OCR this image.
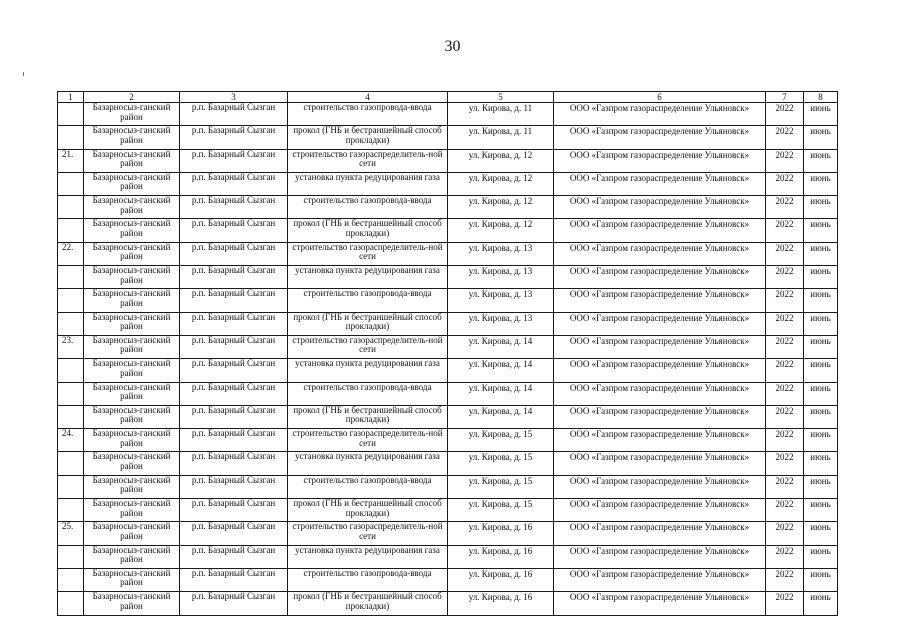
30
1	2	3	4	5	6	7	8
	Базарносыз-ганский район	р.п. Базарный Сызган	строительство газопровода-ввода	ул. Кирова, д. 11	ООО «Газпром газораспределение Ульяновск»	2022	июнь
	Базарносыз-ганский район	р.п. Базарный Сызган	прокол (ГНБ и бестраншейный способ прокладки)	ул. Кирова, д. 11	ООО «Газпром газораспределение Ульяновск»	2022	июнь
21.	Базарносыз-ганский район	р.п. Базарный Сызган	строительство газораспределитель-ной сети	ул. Кирова, д. 12	ООО «Газпром газораспределение Ульяновск»	2022	июнь
	Базарносыз-ганский район	р.п. Базарный Сызган	установка пункта редуцирования газа	ул. Кирова, д. 12	ООО «Газпром газораспределение Ульяновск»	2022	июнь
	Базарносыз-ганский район	р.п. Базарный Сызган	строительство газопровода-ввода	ул. Кирова, д. 12	ООО «Газпром газораспределение Ульяновск»	2022	июнь
	Базарносыз-ганский район	р.п. Базарный Сызган	прокол (ГНБ и бестраншейный способ прокладки)	ул. Кирова, д. 12	ООО «Газпром газораспределение Ульяновск»	2022	июнь
22.	Базарносыз-ганский район	р.п. Базарный Сызган	строительство газораспределитель-ной сети	ул. Кирова, д. 13	ООО «Газпром газораспределение Ульяновск»	2022	июнь
	Базарносыз-ганский район	р.п. Базарный Сызган	установка пункта редуцирования газа	ул. Кирова, д. 13	ООО «Газпром газораспределение Ульяновск»	2022	июнь
	Базарносыз-ганский район	р.п. Базарный Сызган	строительство газопровода-ввода	ул. Кирова, д. 13	ООО «Газпром газораспределение Ульяновск»	2022	июнь
	Базарносыз-ганский район	р.п. Базарный Сызган	прокол (ГНБ и бестраншейный способ прокладки)	ул. Кирова, д. 13	ООО «Газпром газораспределение Ульяновск»	2022	июнь
23.	Базарносыз-ганский район	р.п. Базарный Сызган	строительство газораспределитель-ной сети	ул. Кирова, д. 14	ООО «Газпром газораспределение Ульяновск»	2022	июнь
	Базарносыз-ганский район	р.п. Базарный Сызган	установка пункта редуцирования газа	ул. Кирова, д. 14	ООО «Газпром газораспределение Ульяновск»	2022	июнь
	Базарносыз-ганский район	р.п. Базарный Сызган	строительство газопровода-ввода	ул. Кирова, д. 14	ООО «Газпром газораспределение Ульяновск»	2022	июнь
	Базарносыз-ганский район	р.п. Базарный Сызган	прокол (ГНБ и бестраншейный способ прокладки)	ул. Кирова, д. 14	ООО «Газпром газораспределение Ульяновск»	2022	июнь
24.	Базарносыз-ганский район	р.п. Базарный Сызган	строительство газораспределитель-ной сети	ул. Кирова, д. 15	ООО «Газпром газораспределение Ульяновск»	2022	июнь
	Базарносыз-ганский район	р.п. Базарный Сызган	установка пункта редуцирования газа	ул. Кирова, д. 15	ООО «Газпром газораспределение Ульяновск»	2022	июнь
	Базарносыз-ганский район	р.п. Базарный Сызган	строительство газопровода-ввода	ул. Кирова, д. 15	ООО «Газпром газораспределение Ульяновск»	2022	июнь
	Базарносыз-ганский район	р.п. Базарный Сызган	прокол (ГНБ и бестраншейный способ прокладки)	ул. Кирова, д. 15	ООО «Газпром газораспределение Ульяновск»	2022	июнь
25.	Базарносыз-ганский район	р.п. Базарный Сызган	строительство газораспределитель-ной сети	ул. Кирова, д. 16	ООО «Газпром газораспределение Ульяновск»	2022	июнь
	Базарносыз-ганский район	р.п. Базарный Сызган	установка пункта редуцирования газа	ул. Кирова, д. 16	ООО «Газпром газораспределение Ульяновск»	2022	июнь
	Базарносыз-ганский район	р.п. Базарный Сызган	строительство газопровода-ввода	ул. Кирова, д. 16	ООО «Газпром газораспределение Ульяновск»	2022	июнь
	Базарносыз-ганский район	р.п. Базарный Сызган	прокол (ГНБ и бестраншейный способ прокладки)	ул. Кирова, д. 16	ООО «Газпром газораспределение Ульяновск»	2022	июнь
